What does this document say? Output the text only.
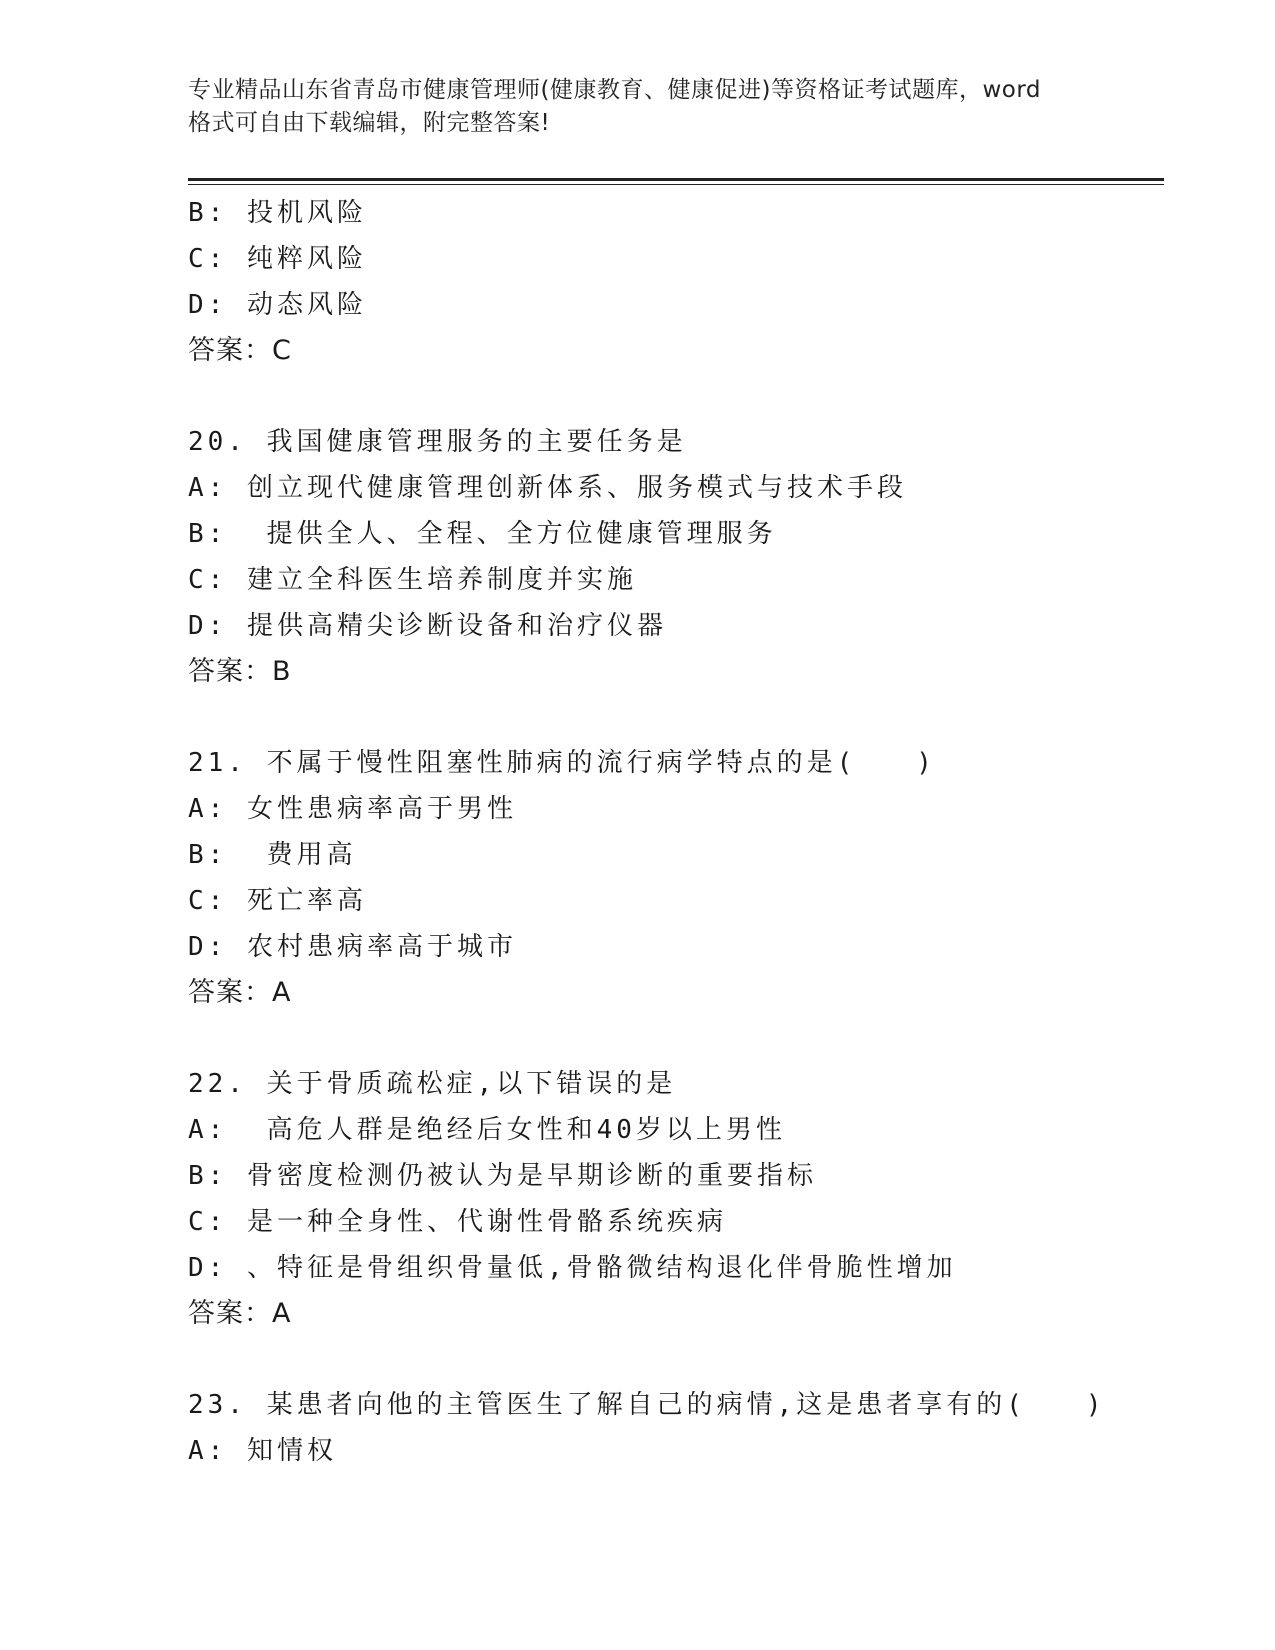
专业精品山东省青岛市健康管理师(健康教育、健康促进)等资格证考试题库，word
格式可自由下载编辑，附完整答案!
B: 投机风险
C: 纯粹风险
D: 动态风险
答案：C
20. 我国健康管理服务的主要任务是
A: 创立现代健康管理创新体系、服务模式与技术手段
B:  提供全人、全程、全方位健康管理服务
C: 建立全科医生培养制度并实施
D: 提供高精尖诊断设备和治疗仪器
答案：B
21. 不属于慢性阻塞性肺病的流行病学特点的是(　　)
A: 女性患病率高于男性
B:  费用高
C: 死亡率高
D: 农村患病率高于城市
答案：A
22. 关于骨质疏松症,以下错误的是
A:  高危人群是绝经后女性和40岁以上男性
B: 骨密度检测仍被认为是早期诊断的重要指标
C: 是一种全身性、代谢性骨骼系统疾病
D: 、特征是骨组织骨量低,骨骼微结构退化伴骨脆性增加
答案：A
23. 某患者向他的主管医生了解自己的病情,这是患者享有的(　　)
A: 知情权
